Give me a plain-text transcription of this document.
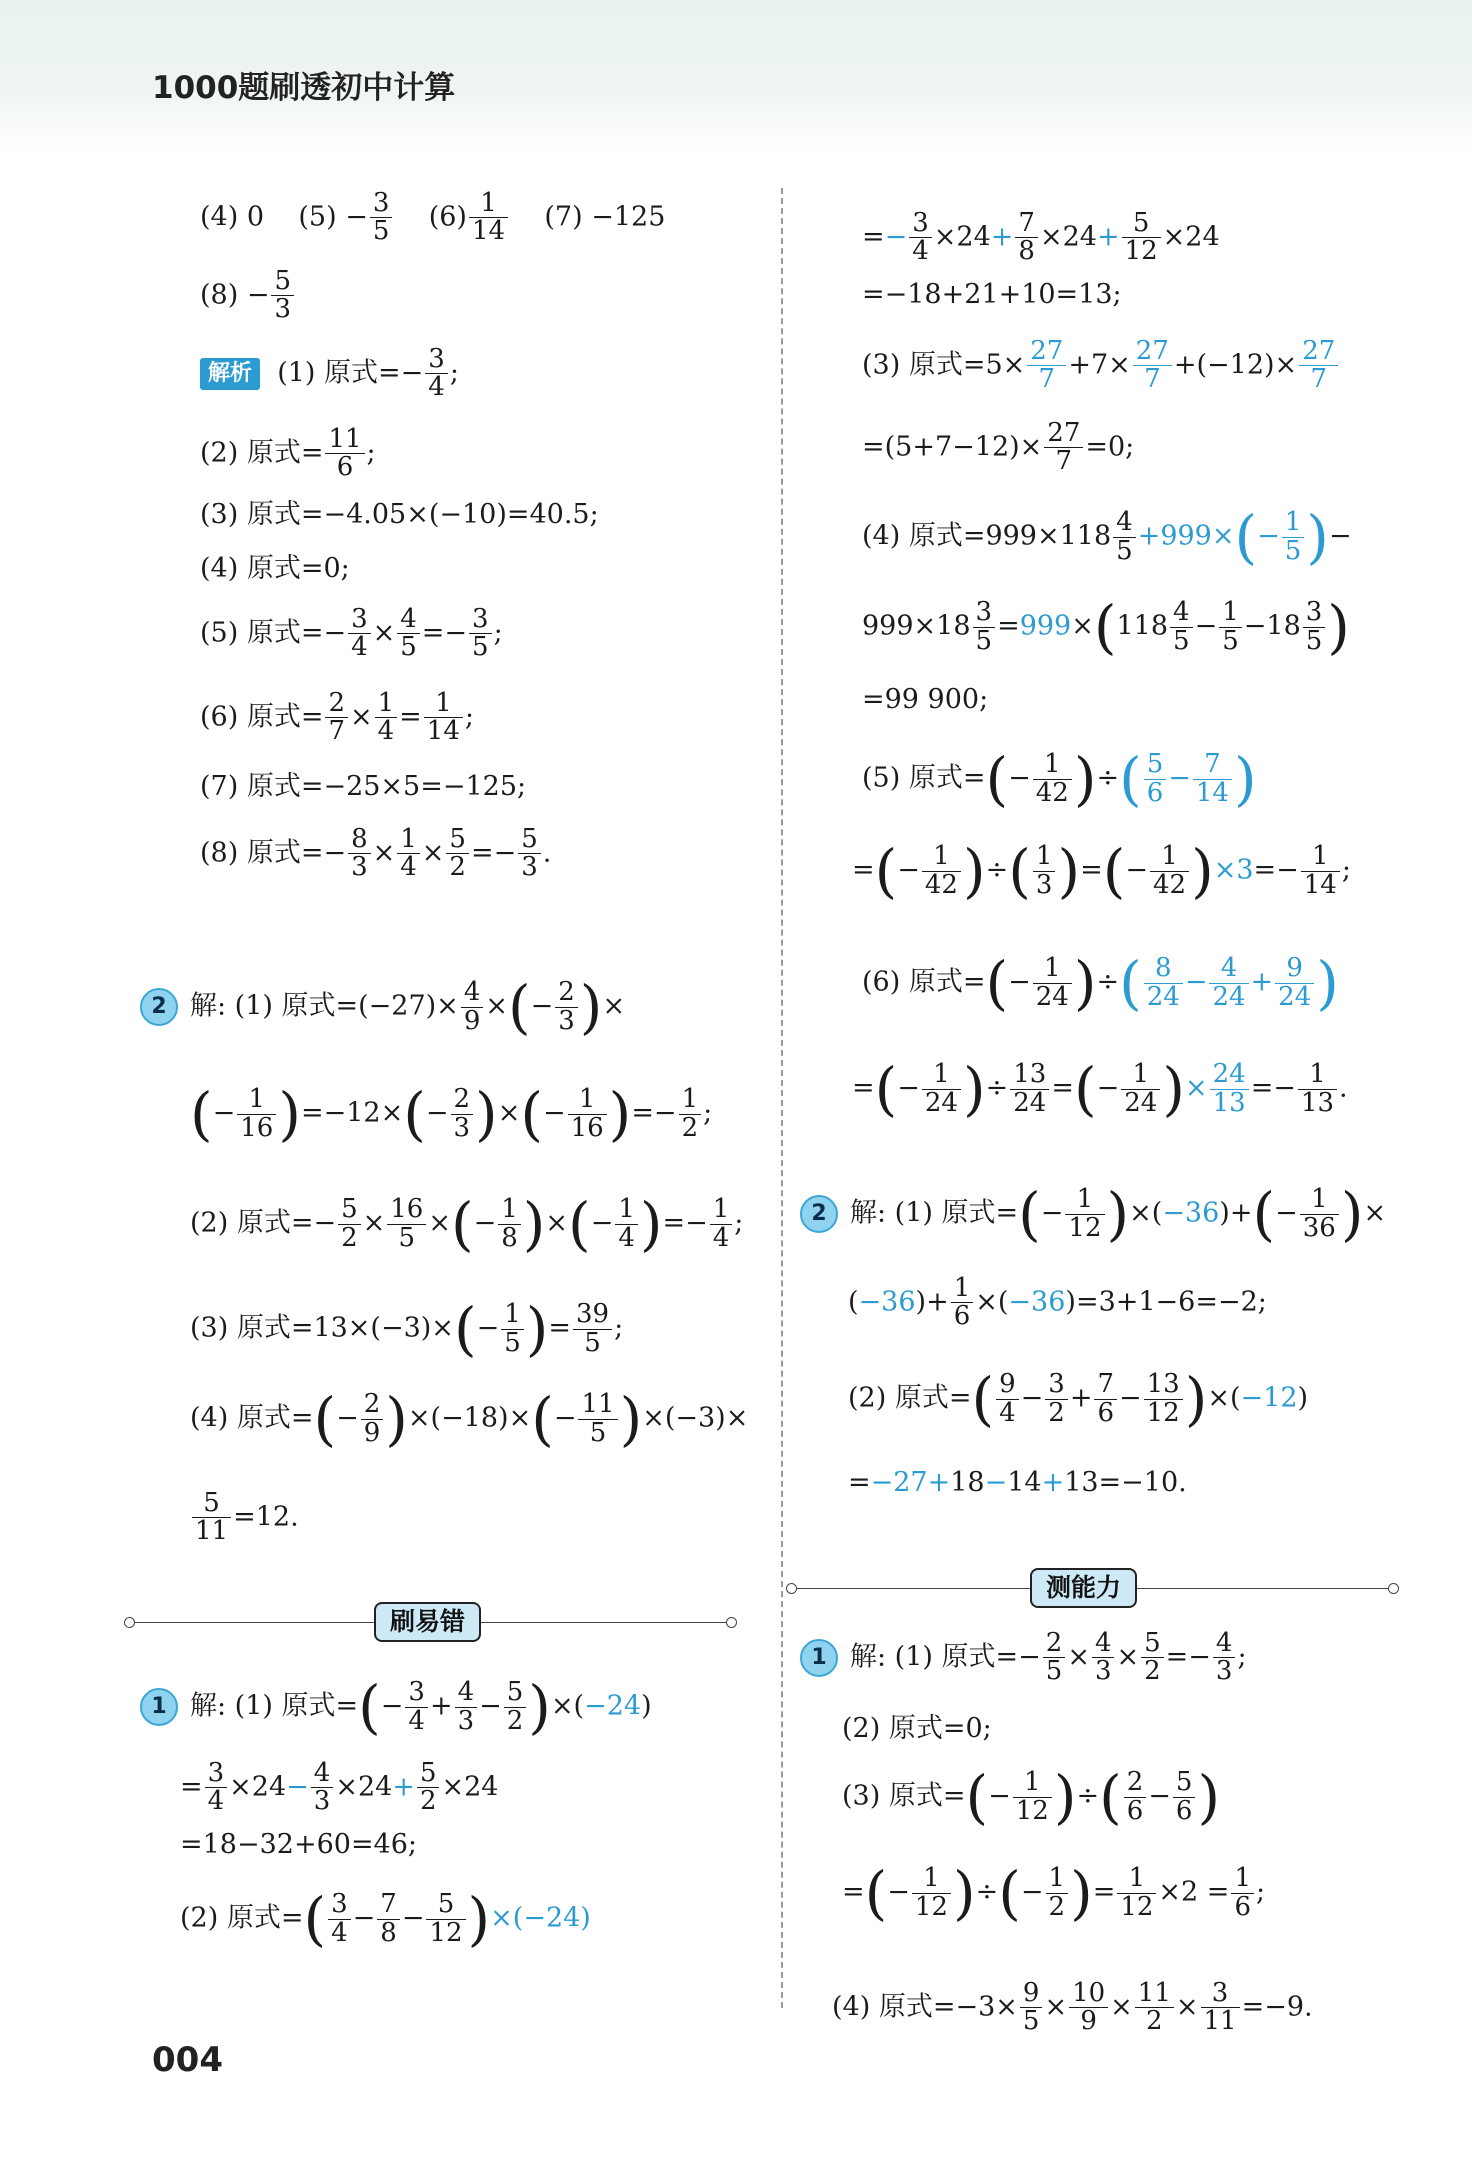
1000题刷透初中计算
(4) 0 $(5) - \frac{3}{5} (6) \frac{1}{14} (7) -125$
$(8) - \frac{5}{3}$
解析 (1) 原式=− $\frac{3}{4}$ ;
(2) 原式= $\frac{11}{6}$ ;
(3) 原式=−4.05×(−10)=40.5;
(4) 原式=0;
(5) 原式=− $\frac{3}{4} \times \frac{4}{5} =- \frac{3}{5}$ ;
(6) 原式= $\frac{2}{7} \times \frac{1}{4} = \frac{1}{14}$ ;
(7) 原式=−25×5=−125;
(8) 原式=− $\frac{8}{3} \times \frac{1}{4} \times \frac{5}{2} =- \frac{5}{3}$ .
2 解: (1) 原式$=(-27)\times \frac{4}{9}$ ×(− $\frac{2}{3}$ )×
(− $\frac{1}{16} )=-12\times(- \frac{2}{3}$ )×(− $\frac{1}{16}$ )=− $\frac{1}{2}$ ;
(2) 原式=− $\frac{5}{2} \times \frac{16}{5}$ ×(− $\frac{1}{8}$ )×(− $\frac{1}{4}$ )=− $\frac{1}{4}$ ;
(3) 原式$=13\times(-3)\times(- \frac{1}{5}$ )= $\frac{39}{5}$ ;
(4) 原式=(− $\frac{2}{9} )\times(-18)\times(- \frac{11}{5} )\times(-3)\times$
$\frac{5}{11} =12$.
1 解: (1) 原式=(− $\frac{3}{4} + \frac{4}{3} - \frac{5}{2} )\times(-24)$
= $\frac{3}{4} \times 24- \frac{4}{3} \times 24+ \frac{5}{2} \times 24$
=18−32+60=46;
(2) 原式=( $\frac{3}{4} - \frac{7}{8} - \frac{5}{12} )\times(-24)$
刷易错
=− $\frac{3}{4} \times 24+ \frac{7}{8} \times 24+ \frac{5}{12} \times 24$
=−18+21+10=13;
(3) 原式$=5\times \frac{27}{7} +7\times \frac{27}{7} +(-12)\times \frac{27}{7}$
$=(5+7-12)\times \frac{27}{7} =0$;
(4) 原式$=999\times 118 \frac{4}{5} +999\times(- \frac{1}{5}$ )−
$999\times 18 \frac{3}{5} =999\times(118 \frac{4}{5} - \frac{1}{5} -18 \frac{3}{5}$ )
=99 900;
(5) 原式=(− $\frac{1}{42}$ )÷( $\frac{5}{6} - \frac{7}{14}$ )
=(− $\frac{1}{42}$ )÷( $\frac{1}{3}$ )=(− $\frac{1}{42} )\times 3=- \frac{1}{14}$ ;
(6) 原式=(− $\frac{1}{24}$ )÷( $\frac{8}{24} - \frac{4}{24} + \frac{9}{24}$ )
=(− $\frac{1}{24}$ )÷ $\frac{13}{24}$ =(− $\frac{1}{24}$ )× $\frac{24}{13} =- \frac{1}{13}$ .
2 解: (1) 原式=(− $\frac{1}{12} )\times(-36)+(- \frac{1}{36}$ )×
$(-36)+ \frac{1}{6} \times(-36)=3+1-6=-2$;
(2) 原式=( $\frac{9}{4} - \frac{3}{2} + \frac{7}{6} - \frac{13}{12} )\times(-12)$
=−27+18−14+13=−10.
1 解: (1) 原式=− $\frac{2}{5} \times \frac{4}{3} \times \frac{5}{2} =- \frac{4}{3}$ ;
(2) 原式=0;
(3) 原式=(− $\frac{1}{12}$ )÷( $\frac{2}{6} - \frac{5}{6}$ )
=(− $\frac{1}{12}$ )÷(− $\frac{1}{2}$ )= $\frac{1}{12} \times 2 = \frac{1}{6}$ ;
(4) 原式$=-3\times \frac{9}{5} \times \frac{10}{9} \times \frac{11}{2} \times \frac{3}{11} =-9$.
测能力
004
